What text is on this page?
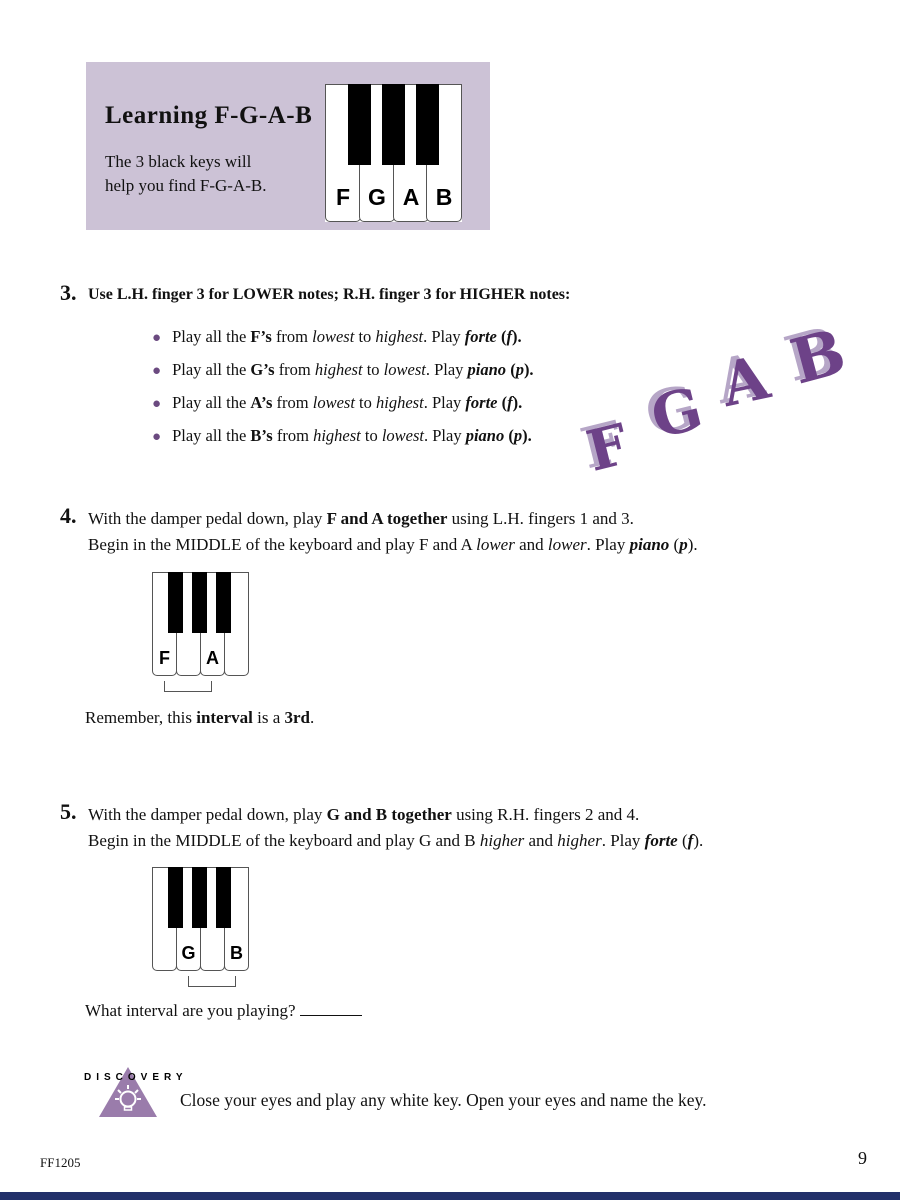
Learning F-G-A-B
The 3 black keys will
help you find F-G-A-B.	F G A B
3. Use L.H. finger 3 for LOWER notes; R.H. finger 3 for HIGHER notes:
● Play all the F’s from lowest to highest. Play forte (f).
● Play all the G’s from highest to lowest. Play piano (p).
● Play all the A’s from lowest to highest. Play forte (f).
● Play all the B’s from highest to lowest. Play piano (p). F G A B
4. With the damper pedal down, play F and A together using L.H. fingers 1 and 3.
Begin in the MIDDLE of the keyboard and play F and A lower and lower. Play piano (p).
F	A
Remember, this interval is a 3rd.
5. With the damper pedal down, play G and B together using R.H. fingers 2 and 4.
Begin in the MIDDLE of the keyboard and play G and B higher and higher. Play forte (f).
G B
What interval are you playing?
DISCOVERY
Close your eyes and play any white key. Open your eyes and name the key.
FF1205	9
